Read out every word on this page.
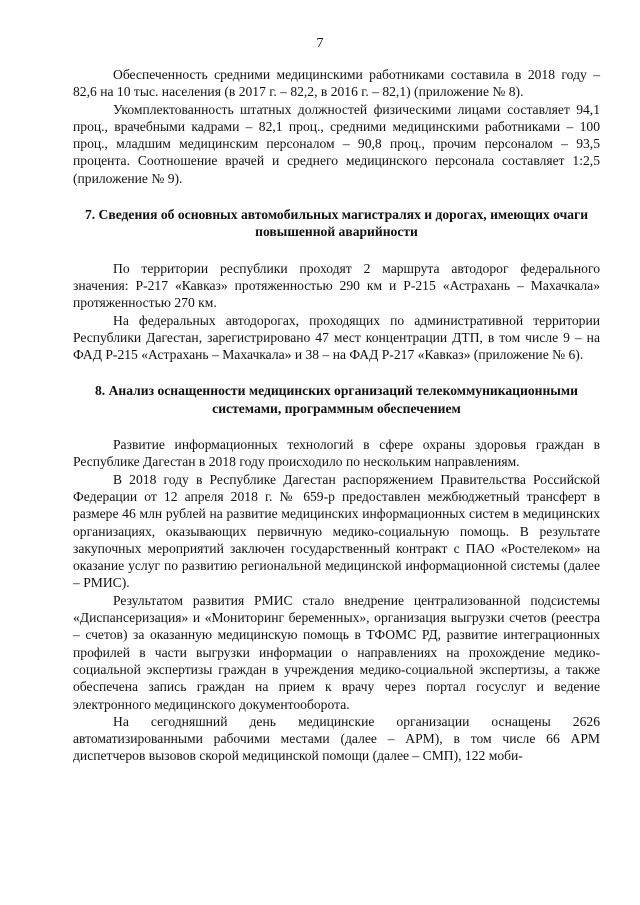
7

Обеспеченность средними медицинскими работниками составила в 2018 году – 82,6 на 10 тыс. населения (в 2017 г. – 82,2, в 2016 г. – 82,1) (приложение № 8).

Укомплектованность штатных должностей физическими лицами составляет 94,1 проц., врачебными кадрами – 82,1 проц., средними медицинскими работниками – 100 проц., младшим медицинским персоналом – 90,8 проц., прочим персоналом – 93,5 процента. Соотношение врачей и среднего медицинского персонала составляет 1:2,5 (приложение № 9).

7. Сведения об основных автомобильных магистралях и дорогах, имеющих очаги повышенной аварийности

По территории республики проходят 2 маршрута автодорог федерального значения: Р-217 «Кавказ» протяженностью 290 км и Р-215 «Астрахань – Махачкала» протяженностью 270 км.

На федеральных автодорогах, проходящих по административной территории Республики Дагестан, зарегистрировано 47 мест концентрации ДТП, в том числе 9 – на ФАД Р-215 «Астрахань – Махачкала» и 38 – на ФАД Р-217 «Кавказ» (приложение № 6).

8. Анализ оснащенности медицинских организаций телекоммуникационными системами, программным обеспечением

Развитие информационных технологий в сфере охраны здоровья граждан в Республике Дагестан в 2018 году происходило по нескольким направлениям.

В 2018 году в Республике Дагестан распоряжением Правительства Российской Федерации от 12 апреля 2018 г. № 659-р предоставлен межбюджетный трансферт в размере 46 млн рублей на развитие медицинских информационных систем в медицинских организациях, оказывающих первичную медико-социальную помощь. В результате закупочных мероприятий заключен государственный контракт с ПАО «Ростелеком» на оказание услуг по развитию региональной медицинской информационной системы (далее – РМИС).

Результатом развития РМИС стало внедрение централизованной подсистемы «Диспансеризация» и «Мониторинг беременных», организация выгрузки счетов (реестра – счетов) за оказанную медицинскую помощь в ТФОМС РД, развитие интеграционных профилей в части выгрузки информации о направлениях на прохождение медико-социальной экспертизы граждан в учреждения медико-социальной экспертизы, а также обеспечена запись граждан на прием к врачу через портал госуслуг и ведение электронного медицинского документооборота.

На сегодняшний день медицинские организации оснащены 2626 автоматизированными рабочими местами (далее – АРМ), в том числе 66 АРМ диспетчеров вызовов скорой медицинской помощи (далее – СМП), 122 моби-
